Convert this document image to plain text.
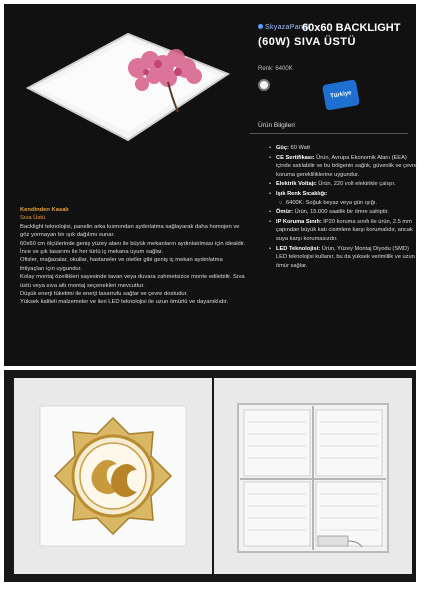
SkyazaPanel
60x60 BACKLIGHT
(60W) SIVA ÜSTÜ
Renk: 6400K
Türkiye
Ürün Bilgileri
• Güç: 60 Watt
• CE Sertifikası: Ürün, Avrupa Ekonomik Alanı (EEA) içinde satılabilir ve bu bölgenin sağlık, güvenlik ve çevre koruma gerekliliklerine uygundur.
• Elektrik Voltajı: Ürün, 220 volt elektrikle çalışır.
• Işık Renk Sıcaklığı:
○ 6400K: Soğuk beyaz veya gün ışığı.
• Ömür: Ürün, 15.000 saatlik bir ömre sahiptir.
• IP Koruma Sınıfı: IP20 koruma sınıfı ile ürün, 2.5 mm çapından büyük katı cisimlere karşı korumalıdır, ancak suya karşı korumasızdır.
• LED Teknolojisi: Ürün, Yüzey Montaj Diyodu (SMD) LED teknolojisi kullanır, bu da yüksek verimlilik ve uzun ömür sağlar.
Kendinden Kasalı
Sıva Üstü
Backlight teknolojisi, panelin arka kısmından aydınlatma sağlayarak daha homojen ve göz yormayan bir ışık dağılımı sunar.
60x60 cm ölçülerinde geniş yüzey alanı ile büyük mekanların aydınlatılması için idealdir. İnce ve şık tasarımı ile her türlü iç mekana uyum sağlar.
Ofisler, mağazalar, okullar, hastaneler ve oteller gibi geniş iç mekan aydınlatma ihtiyaçları için uygundur.
Kolay montaj özellikleri sayesinde tavan veya duvara zahmetsizce monte edilebilir. Sıva üstü veya sıva altı montaj seçenekleri mevcuttur.
Düşük enerji tüketimi ile enerji tasarrufu sağlar ve çevre dostudur.
Yüksek kaliteli malzemeler ve ileri LED teknolojisi ile uzun ömürlü ve dayanıklıdır.
